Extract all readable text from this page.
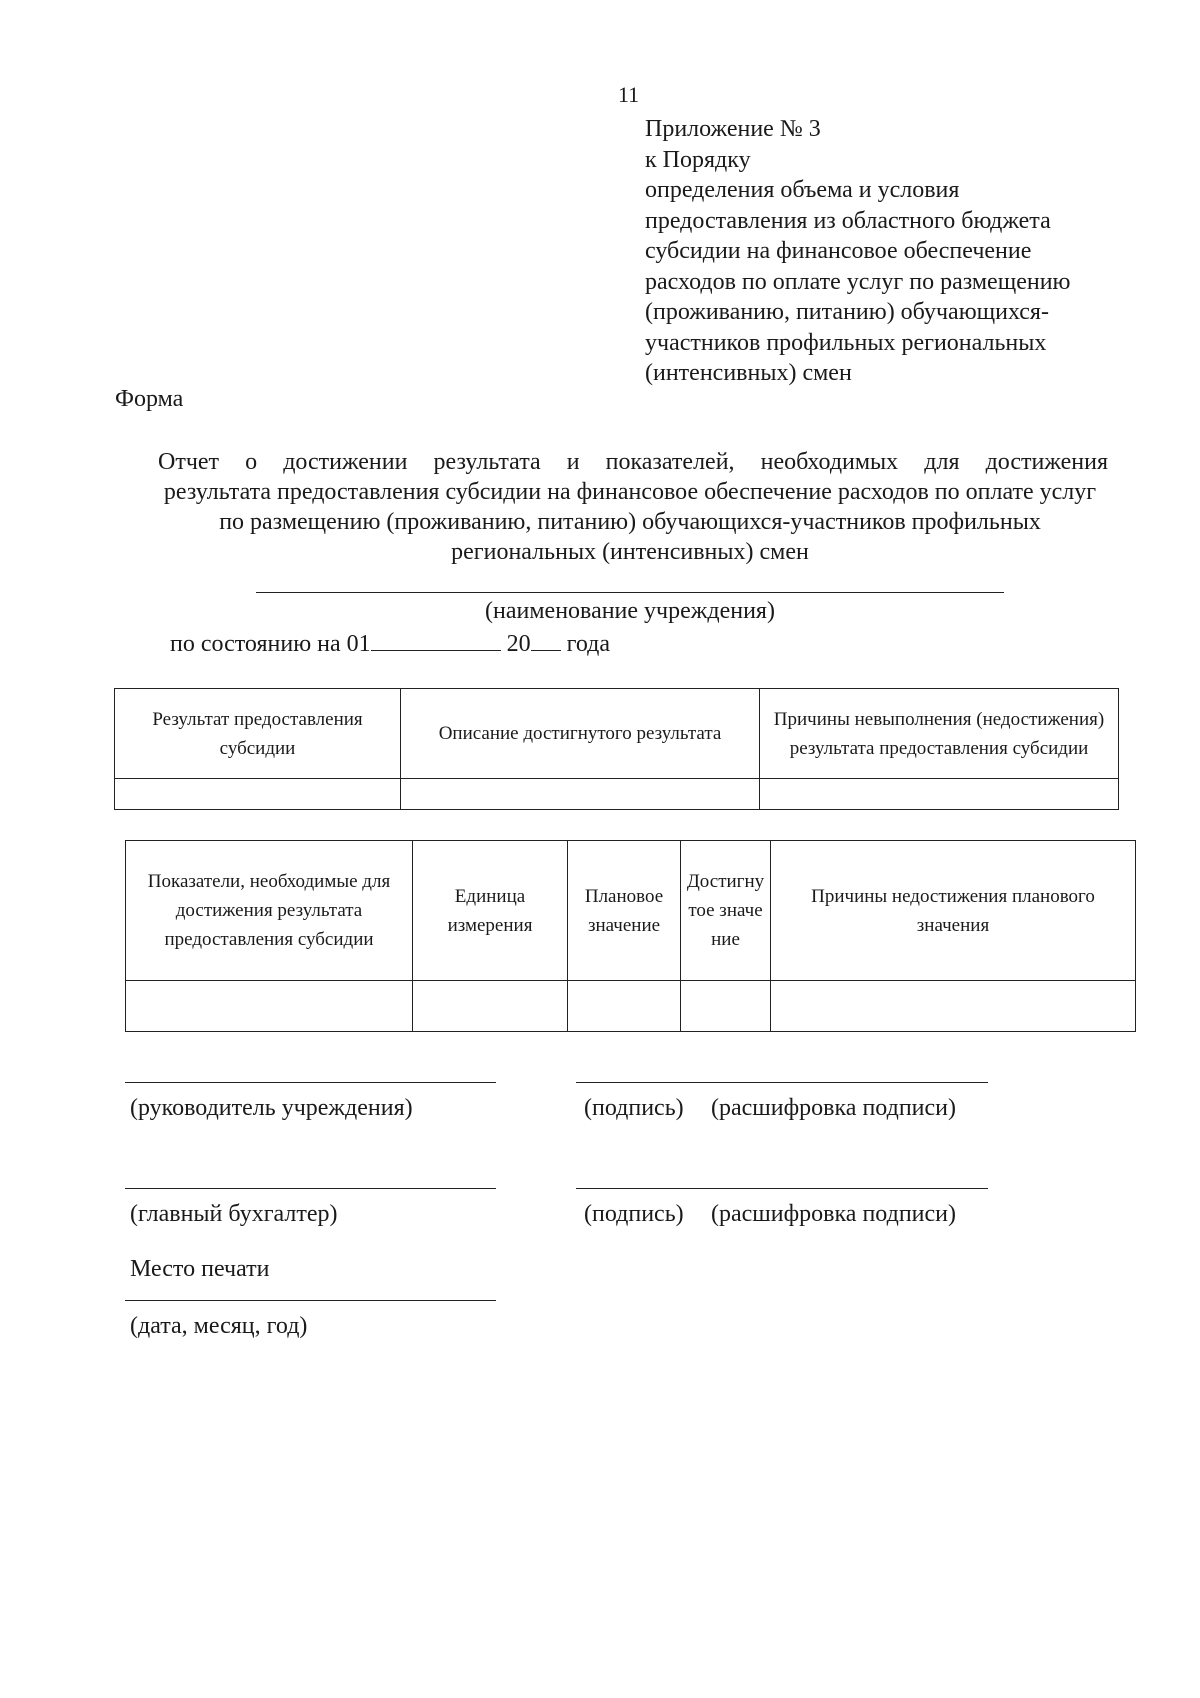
11
Приложение № 3
к Порядку
определения объема и условия
предоставления из областного бюджета
субсидии на финансовое обеспечение
расходов по оплате услуг по размещению
(проживанию, питанию) обучающихся-
участников профильных региональных
(интенсивных) смен
Форма
Отчет о достижении результата и показателей, необходимых для достижения
результата предоставления субсидии на финансовое обеспечение расходов по оплате услуг
по размещению (проживанию, питанию) обучающихся-участников профильных
региональных (интенсивных) смен
(наименование учреждения)
по состоянию на 01	20 года
Результат предоставления субсидии	Описание достигнутого результата	Причины невыполнения (недостижения) результата предоставления субсидии

Показатели, необходимые для достижения результата предоставления субсидии	Единица измерения	Плановое значение	Достигнутое значение	Причины недостижения планового значения

(руководитель учреждения)	(подпись) (расшифровка подписи)
(главный бухгалтер)	(подпись) (расшифровка подписи)
Место печати
(дата, месяц, год)
